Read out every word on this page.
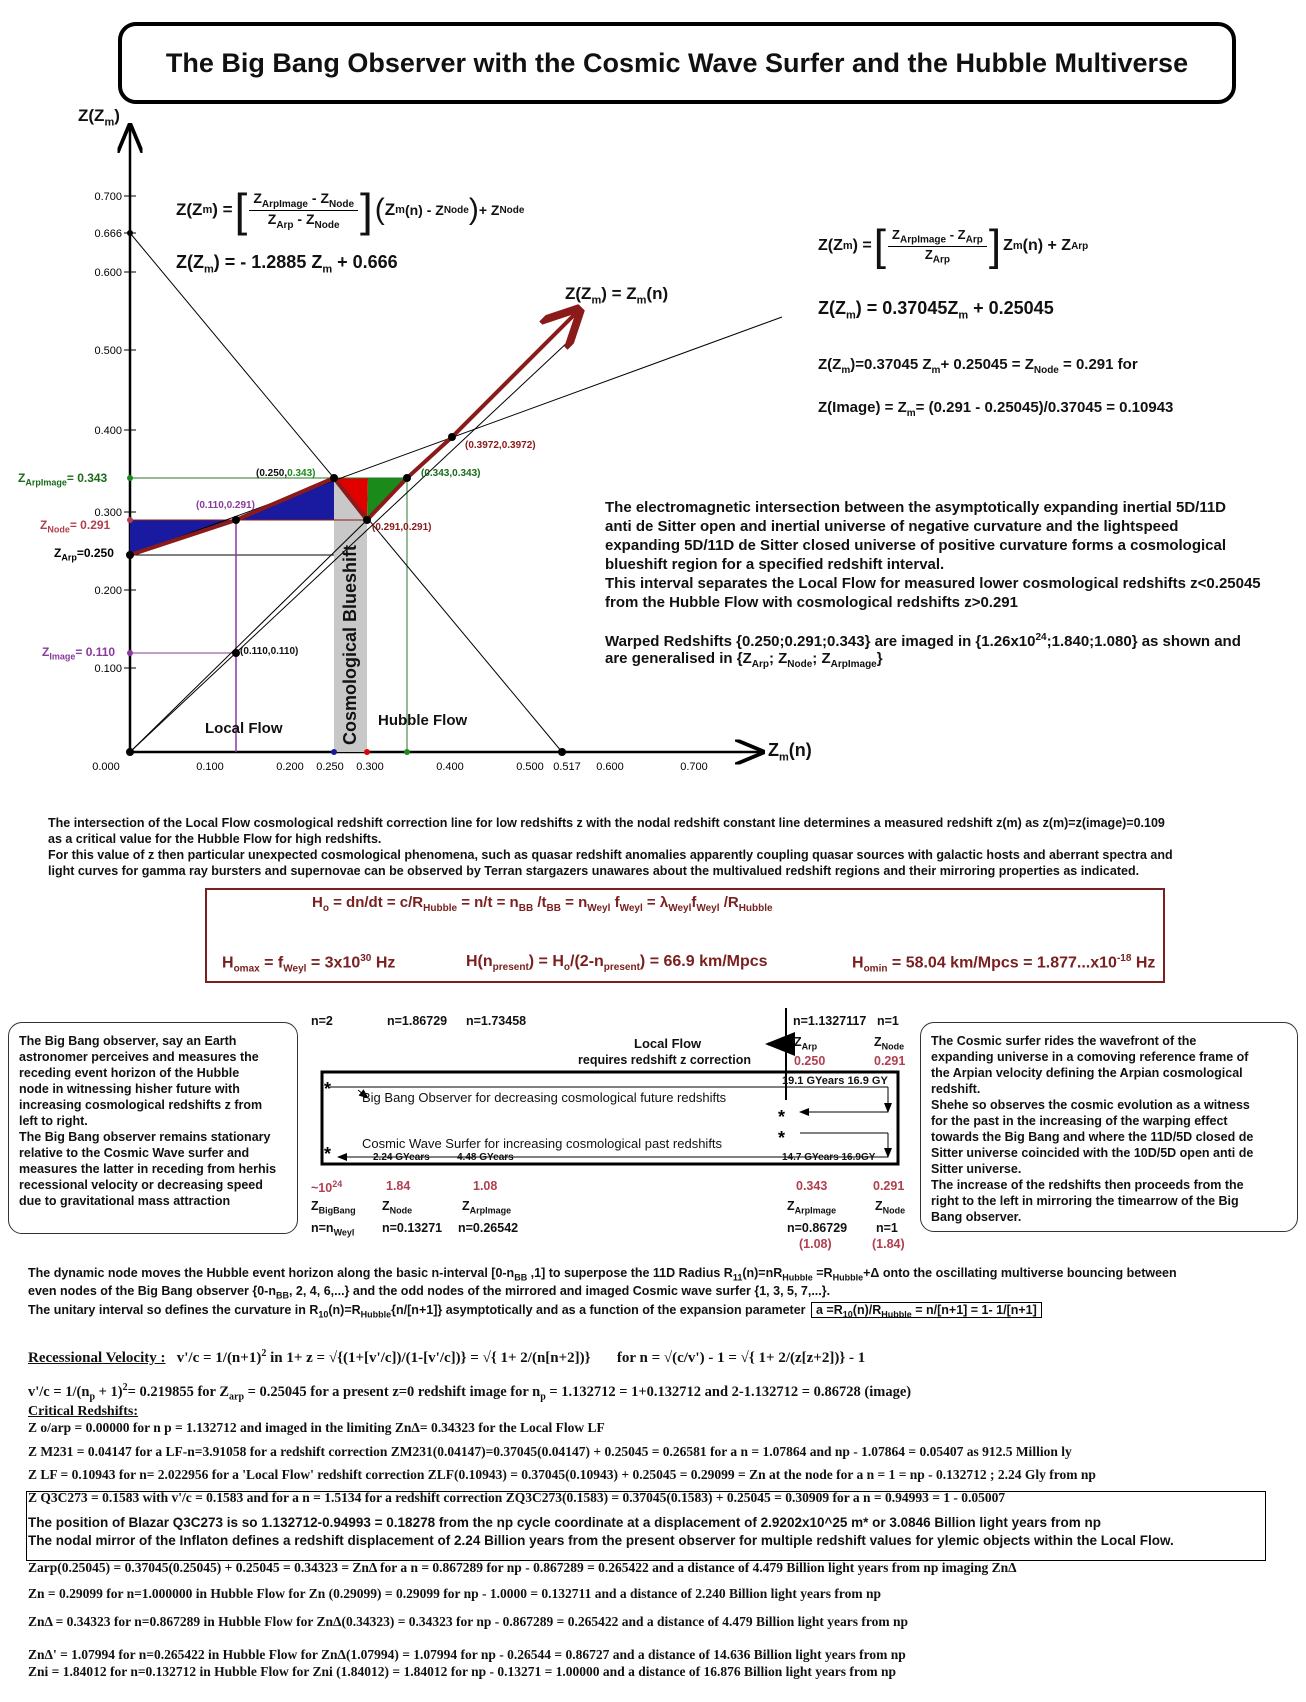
The Big Bang Observer with the Cosmic Wave Surfer and the Hubble Multiverse
0.700
0.666
0.600
0.500
0.400
0.300
0.200
0.100
0.000	0.100	0.200 0.250 0.300	0.400	0.500 0.517 0.600	0.700
$Z(Z_m)$
$Z_m(n)$
$Z_{ArpImage}= 0.343$
$Z_{Node}= 0.291$
$Z_{Arp}=0.250$
$Z_{Image}= 0.110$
(0.250,0.343)
(0.110,0.291)
(0.343,0.343)
(0.3972,0.3972)
(0.291,0.291)
(0.110,0.110)
Local Flow	Hubble Flow
Cosmological Blueshift
$Z(Z_m) = Z_m(n)$
Z(Z m ) = [ $Z_{ArpImage} - Z_{Node}$
$Z_{Arp} - Z_{Node}$ ] ( Z m (n) - Z Node ) + Z Node
$Z(Z_m)$ = - 1.2885 $Z_m + 0.666$
Z(Z m ) = [ $Z_{ArpImage} - Z_{Arp}$
$Z_{Arp}$ ] Z m (n) + Z Arp
$Z(Z_m) = 0.37045Z_m + 0.25045$
$Z(Z_m)=0.37045$ $Z_m+ 0.25045 = Z_{Node} = 0.291$ for
Z(Image) = $Z_m= (0.291 - 0.25045)/0.37045 = 0.10943$
The electromagnetic intersection between the asymptotically expanding inertial 5D/11D
anti de Sitter open and inertial universe of negative curvature and the lightspeed
expanding 5D/11D de Sitter closed universe of positive curvature forms a cosmological
blueshift region for a specified redshift interval.
This interval separates the Local Flow for measured lower cosmological redshifts z<0.25045
from the Hubble Flow with cosmological redshifts z>0.291
Warped Redshifts {0.250;0.291;0.343} are imaged in $\{1.26x10^{24};1.840;1.080\}$ as shown and
are generalised in {$Z_{Arp}$; $Z_{Node}$; $Z_{ArpImage}$}
The intersection of the Local Flow cosmological redshift correction line for low redshifts z with the nodal redshift constant line determines a measured redshift z(m) as z(m)=z(image)=0.109
as a critical value for the Hubble Flow for high redshifts.
For this value of z then particular unexpected cosmological phenomena, such as quasar redshift anomalies apparently coupling quasar sources with galactic hosts and aberrant spectra and
light curves for gamma ray bursters and supernovae can be observed by Terran stargazers unawares about the multivalued redshift regions and their mirroring properties as indicated.
$H_o = dn/dt = c/R_{Hubble} = n/t = n_{BB}$ $/t_{BB} = n_{Weyl}$ $f_{Weyl} = \lambda_{Weyl}f_{Weyl}$ $/R_{Hubble}$
$H_{omax} = f_{Weyl} = 3x10^{30}$ Hz	$H(n_{present}) = H_o/(2-n_{present}) = 66.9$ km/Mpcs	$H_{omin} = 58.04$ km/Mpcs = $1.877...x10^{-18}$ Hz
The Big Bang observer, say an Earth
astronomer perceives and measures the
receding event horizon of the Hubble
node in witnessing hisher future with
increasing cosmological redshifts z from
left to right.
The Big Bang observer remains stationary
relative to the Cosmic Wave surfer and
measures the latter in receding from herhis
recessional velocity or decreasing speed
due to gravitational mass attraction
The Cosmic surfer rides the wavefront of the
expanding universe in a comoving reference frame of
the Arpian velocity defining the Arpian cosmological
redshift.
Shehe so observes the cosmic evolution as a witness
for the past in the increasing of the warping effect
towards the Big Bang and where the 11D/5D closed de
Sitter universe coincided with the 10D/5D open anti de
Sitter universe.
The increase of the redshifts then proceeds from the
right to the left in mirroring the timearrow of the Big
Bang observer.
*
*
*
*
n=2	n=1.86729 n=1.73458	n=1.1327117 n=1
Local Flow
requires redshift z correction
$Z_{Arp}$
0.250
$Z_{Node}$
0.291
19.1 GYears 16.9 GY
Big Bang Observer for decreasing cosmological future redshifts
Cosmic Wave Surfer for increasing cosmological past redshifts
2.24 GYears	4.48 GYears	14.7 GYears 16.9GY
$\sim 10^{24}$	1.84	1.08	0.343	0.291
$Z_{BigBang}$ $Z_{Node}$	$Z_{ArpImage}$	$Z_{ArpImage}$	$Z_{Node}$
$n=n_{Weyl}$ n=0.13271 n=0.26542	n=0.86729 n=1
(1.08)	(1.84)
The dynamic node moves the Hubble event horizon along the basic n-interval [$0-n_{BB}$ ,1] to superpose the 11D Radius $R_{11}(n)=nR_{Hubble} =R_{Hubble}+\Delta$ onto the oscillating multiverse bouncing between
even nodes of the Big Bang observer {$0-n_{BB}$, 2, 4, 6,...} and the odd nodes of the mirrored and imaged Cosmic wave surfer {1, 3, 5, 7,...}.
The unitary interval so defines the curvature in $R_{10}(n)=R_{Hubble}\{n/[n+1]\}$ asymptotically and as a function of the expansion parameter $a =R_{10}(n)/R_{Hubble} = n/[n+1] = 1-$ 1/[n+1]
Recessional Velocity : $v'/c = 1/(n+1)^2$ in 1+ z = √{(1+[v'/c])/(1-[v'/c])} = √{ 1+ 2/(n[n+2])} for n = √(c/v') - 1 = √{ 1+ 2/(z[z+2])} - 1
$v'/c = 1/(n_p + 1)^2= 0.219855$ for $Z_{arp} = 0.25045$ for a present z=0 redshift image for $n_p = 1.132712 = 1+0.132712$ and 2-1.132712 = 0.86728 (image)
Critical Redshifts:
Z o/arp = 0.00000 for n p = 1.132712 and imaged in the limiting ZnΔ= 0.34323 for the Local Flow LF
Z M231 = 0.04147 for a LF-n=3.91058 for a redshift correction ZM231(0.04147)=0.37045(0.04147) + 0.25045 = 0.26581 for a n = 1.07864 and np - 1.07864 = 0.05407 as 912.5 Million ly
Z LF = 0.10943 for n= 2.022956 for a 'Local Flow' redshift correction ZLF(0.10943) = 0.37045(0.10943) + 0.25045 = 0.29099 = Zn at the node for a n = 1 = np - 0.132712 ; 2.24 Gly from np
Z Q3C273 = 0.1583 with v'/c = 0.1583 and for a n = 1.5134 for a redshift correction ZQ3C273(0.1583) = 0.37045(0.1583) + 0.25045 = 0.30909 for a n = 0.94993 = 1 - 0.05007
The position of Blazar Q3C273 is so 1.132712-0.94993 = 0.18278 from the np cycle coordinate at a displacement of 2.9202x10^25 m* or 3.0846 Billion light years from np
The nodal mirror of the Inflaton defines a redshift displacement of 2.24 Billion years from the present observer for multiple redshift values for ylemic objects within the Local Flow.
Zarp(0.25045) = 0.37045(0.25045) + 0.25045 = 0.34323 = ZnΔ for a n = 0.867289 for np - 0.867289 = 0.265422 and a distance of 4.479 Billion light years from np imaging ZnΔ
Zn = 0.29099 for n=1.000000 in Hubble Flow for Zn (0.29099) = 0.29099 for np - 1.0000 = 0.132711 and a distance of 2.240 Billion light years from np
ZnΔ = 0.34323 for n=0.867289 in Hubble Flow for ZnΔ(0.34323) = 0.34323 for np - 0.867289 = 0.265422 and a distance of 4.479 Billion light years from np
ZnΔ' = 1.07994 for n=0.265422 in Hubble Flow for ZnΔ(1.07994) = 1.07994 for np - 0.26544 = 0.86727 and a distance of 14.636 Billion light years from np
Zni = 1.84012 for n=0.132712 in Hubble Flow for Zni (1.84012) = 1.84012 for np - 0.13271 = 1.00000 and a distance of 16.876 Billion light years from np
